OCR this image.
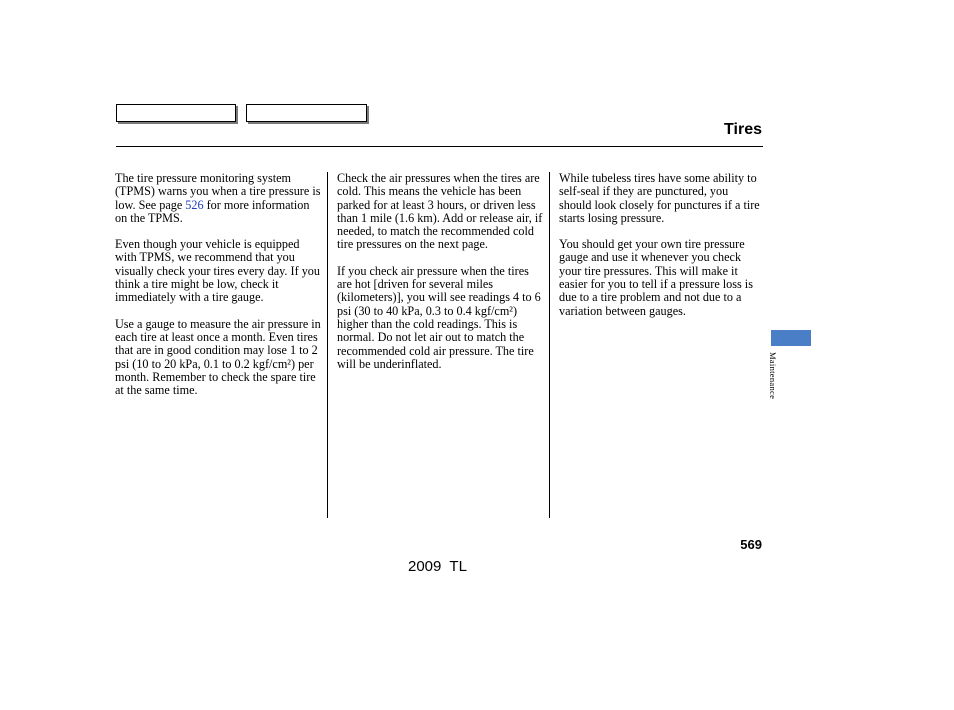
Tires

The tire pressure monitoring system (TPMS) warns you when a tire pressure is low. See page 526 for more information on the TPMS.

Even though your vehicle is equipped with TPMS, we recommend that you visually check your tires every day. If you think a tire might be low, check it immediately with a tire gauge.

Use a gauge to measure the air pressure in each tire at least once a month. Even tires that are in good condition may lose 1 to 2 psi (10 to 20 kPa, 0.1 to 0.2 kgf/cm²) per month. Remember to check the spare tire at the same time.

Check the air pressures when the tires are cold. This means the vehicle has been parked for at least 3 hours, or driven less than 1 mile (1.6 km). Add or release air, if needed, to match the recommended cold tire pressures on the next page.

If you check air pressure when the tires are hot [driven for several miles (kilometers)], you will see readings 4 to 6 psi (30 to 40 kPa, 0.3 to 0.4 kgf/cm²) higher than the cold readings. This is normal. Do not let air out to match the recommended cold air pressure. The tire will be underinflated.

While tubeless tires have some ability to self-seal if they are punctured, you should look closely for punctures if a tire starts losing pressure.

You should get your own tire pressure gauge and use it whenever you check your tire pressures. This will make it easier for you to tell if a pressure loss is due to a tire problem and not due to a variation between gauges.

Maintenance
569
2009  TL
